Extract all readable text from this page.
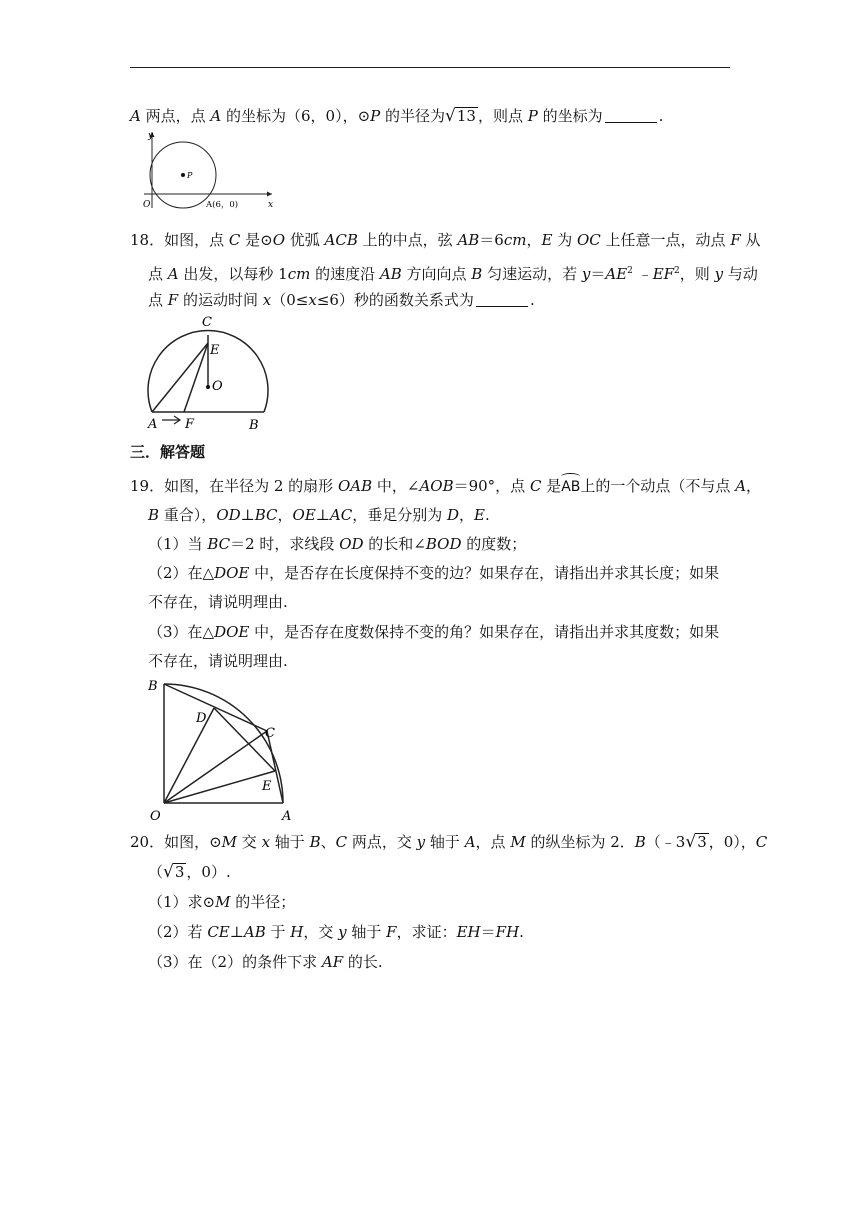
A 两点，点 A 的坐标为（6，0），⊙P 的半径为√13 ，则点 P 的坐标为	.
y
x
O
P
A(6，0)
18．如图，点 C 是⊙O 优弧 ACB 上的中点，弦 AB＝6cm，E 为 OC 上任意一点，动点 F 从
点 A 出发，以每秒 1cm 的速度沿 AB 方向向点 B 匀速运动，若 $y=AE^2$ $﹣EF^2$，则 y 与动
点 F 的运动时间 x（0≤x≤6）秒的函数关系式为	.
C
E
O
A F	B
三．解答题
19．如图，在半径为 2 的扇形 OAB 中，∠AOB＝90°，点 C 是AB上的一个动点（不与点 A，
B 重合），OD⊥BC，OE⊥AC，垂足分别为 D，E.
（1）当 BC＝2 时，求线段 OD 的长和∠BOD 的度数；
（2）在△DOE 中，是否存在长度保持不变的边？如果存在，请指出并求其长度；如果
不存在，请说明理由.
（3）在△DOE 中，是否存在度数保持不变的角？如果存在，请指出并求其度数；如果
不存在，请说明理由.
B
D
C
E
O	A
20．如图，⊙M 交 x 轴于 B、C 两点，交 y 轴于 A，点 M 的纵坐标为 2．B（﹣3√3 ，0），C
（√3 ，0）.
（1）求⊙M 的半径；
（2）若 CE⊥AB 于 H，交 y 轴于 F，求证：EH＝FH.
（3）在（2）的条件下求 AF 的长.
